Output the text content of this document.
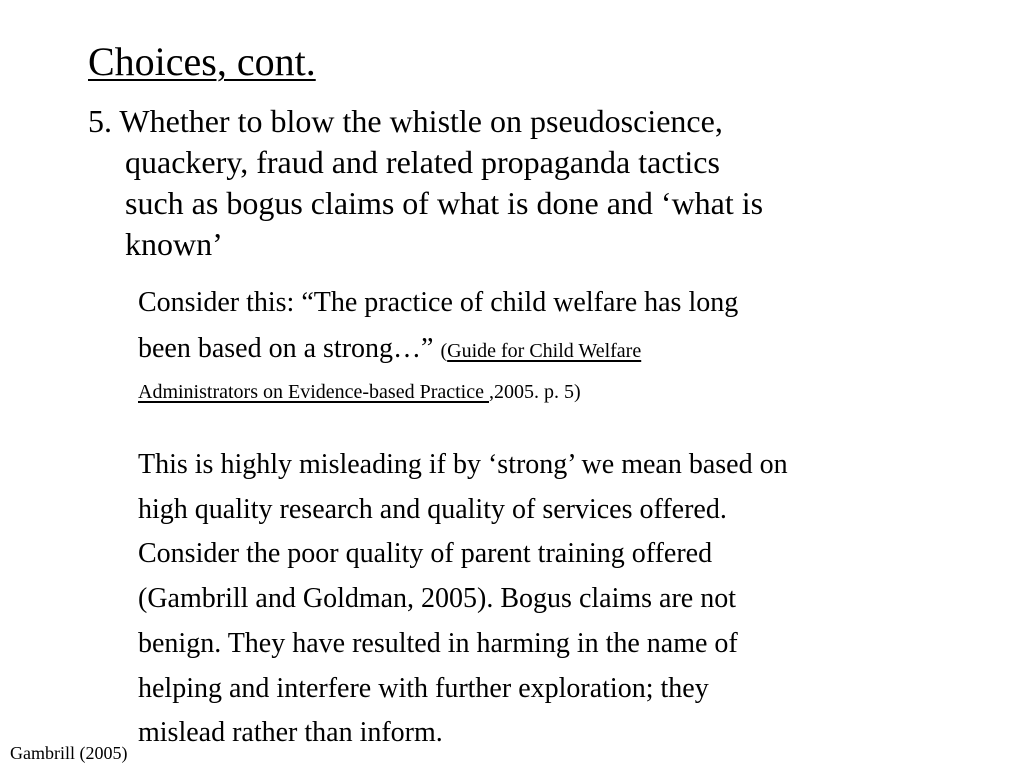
Choices, cont.
5. Whether to blow the whistle on pseudoscience,
quackery, fraud and related propaganda tactics
such as bogus claims of what is done and ‘what is
known’
Consider this: “The practice of child welfare has long
been based on a strong…” (Guide for Child Welfare
Administrators on Evidence-based Practice ,2005. p. 5)
This is highly misleading if by ‘strong’ we mean based on
high quality research and quality of services offered.
Consider the poor quality of parent training offered
(Gambrill and Goldman, 2005). Bogus claims are not
benign. They have resulted in harming in the name of
helping and interfere with further exploration; they
mislead rather than inform.
Gambrill (2005)
